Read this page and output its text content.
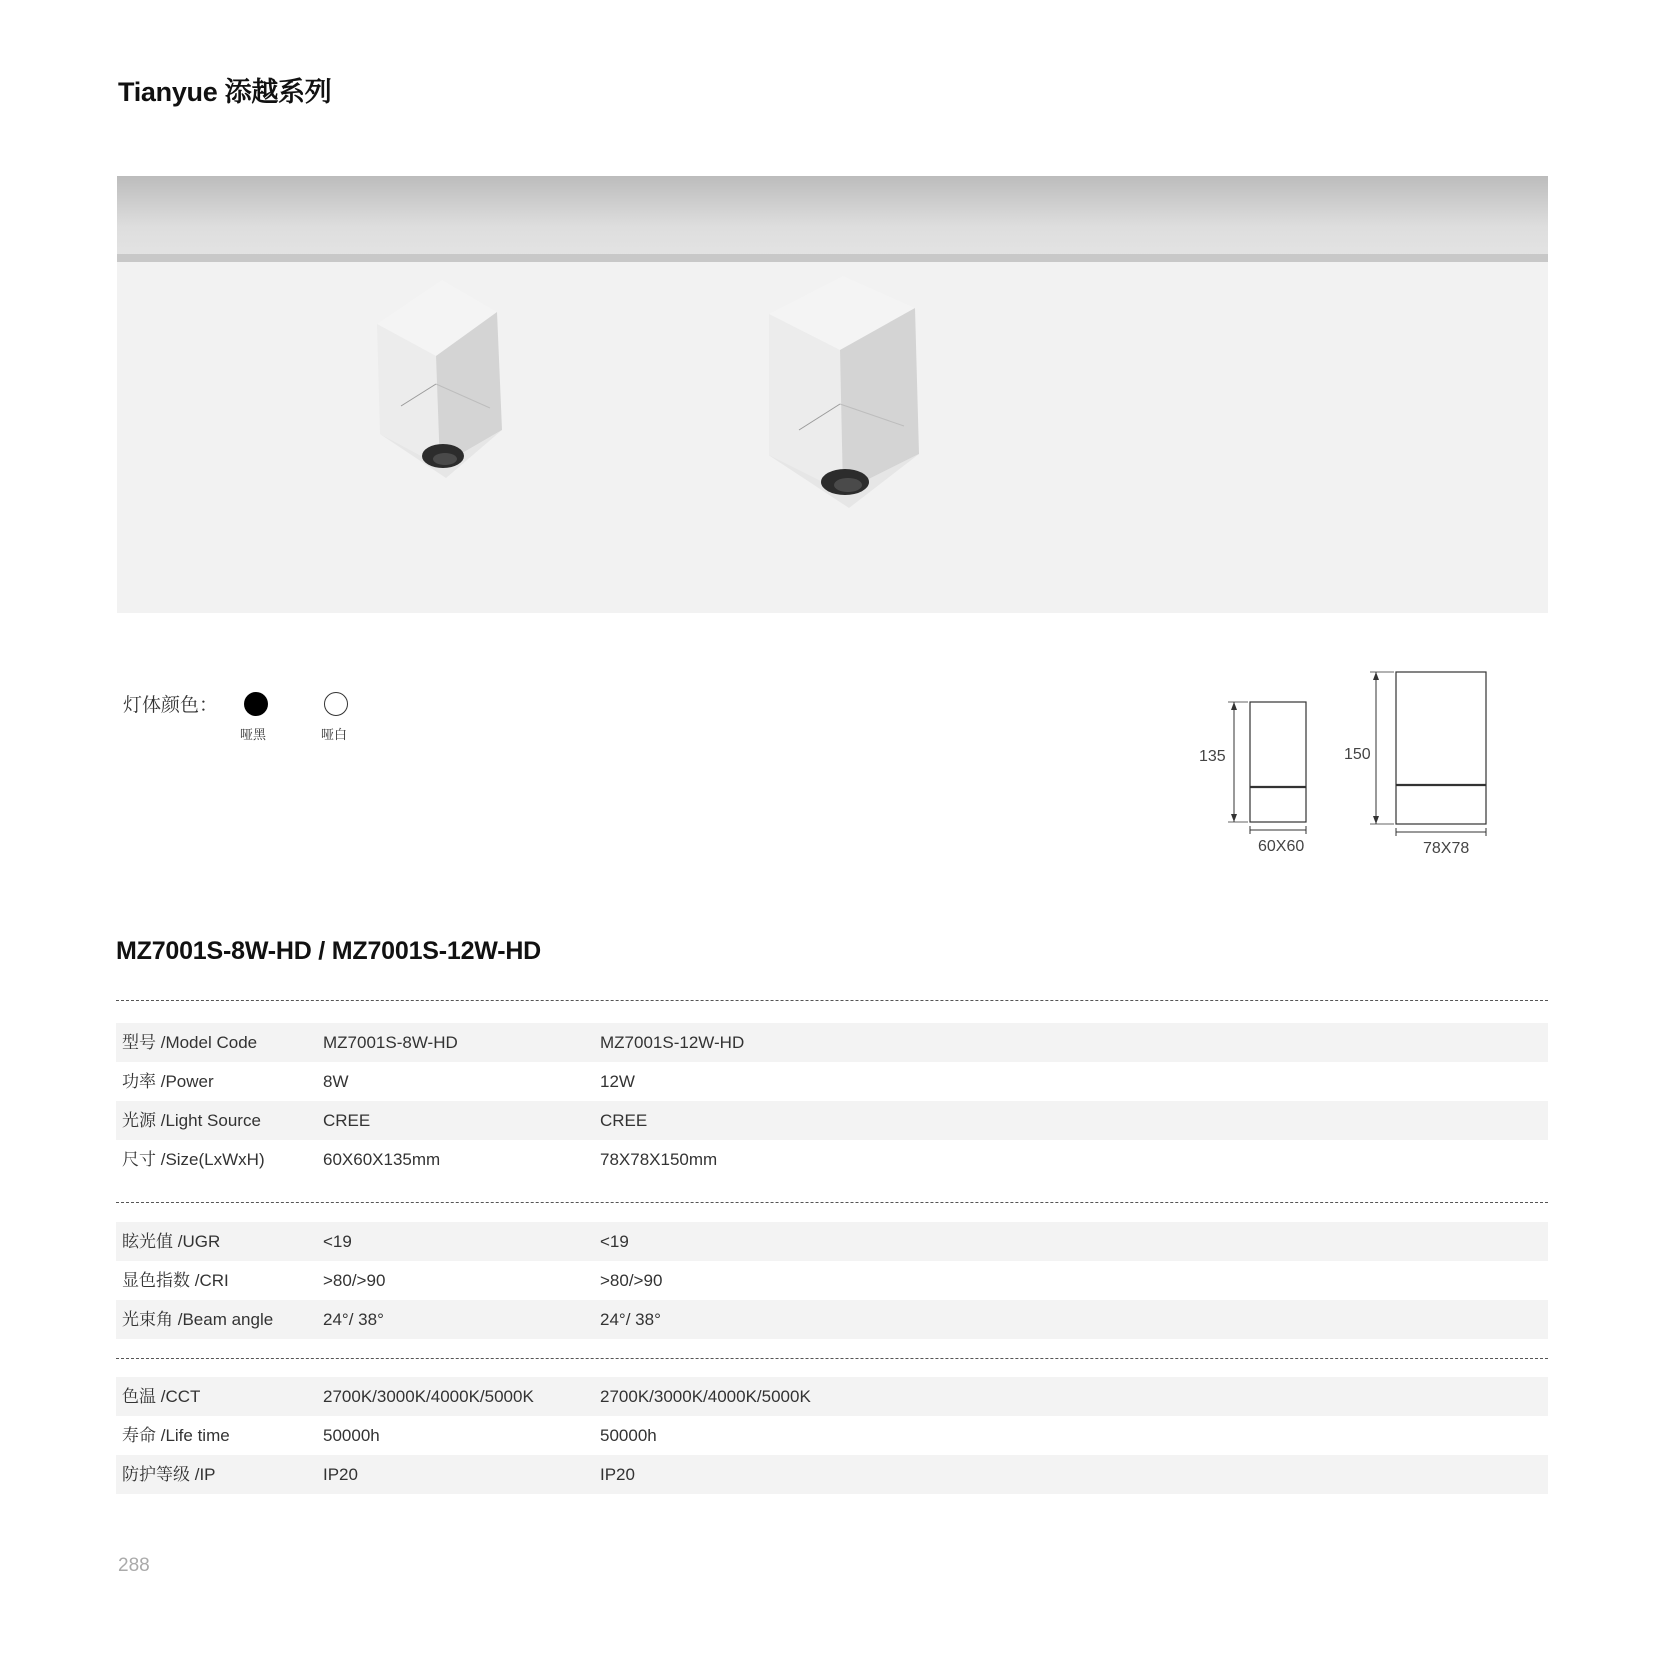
Tianyue 添越系列
灯体颜色：
哑黑	哑白
135
60X60
150
78X78
MZ7001S-8W-HD / MZ7001S-12W-HD
型号 /Model Code	MZ7001S-8W-HD	MZ7001S-12W-HD
功率 /Power	8W	12W
光源 /Light Source	CREE	CREE
尺寸 /Size(LxWxH)	60X60X135mm	78X78X150mm
眩光值 /UGR	<19	<19
显色指数 /CRI	>80/>90	>80/>90
光束角 /Beam angle	24°/ 38°	24°/ 38°
色温 /CCT	2700K/3000K/4000K/5000K	2700K/3000K/4000K/5000K
寿命 /Life time	50000h	50000h
防护等级 /IP	IP20	IP20
288
